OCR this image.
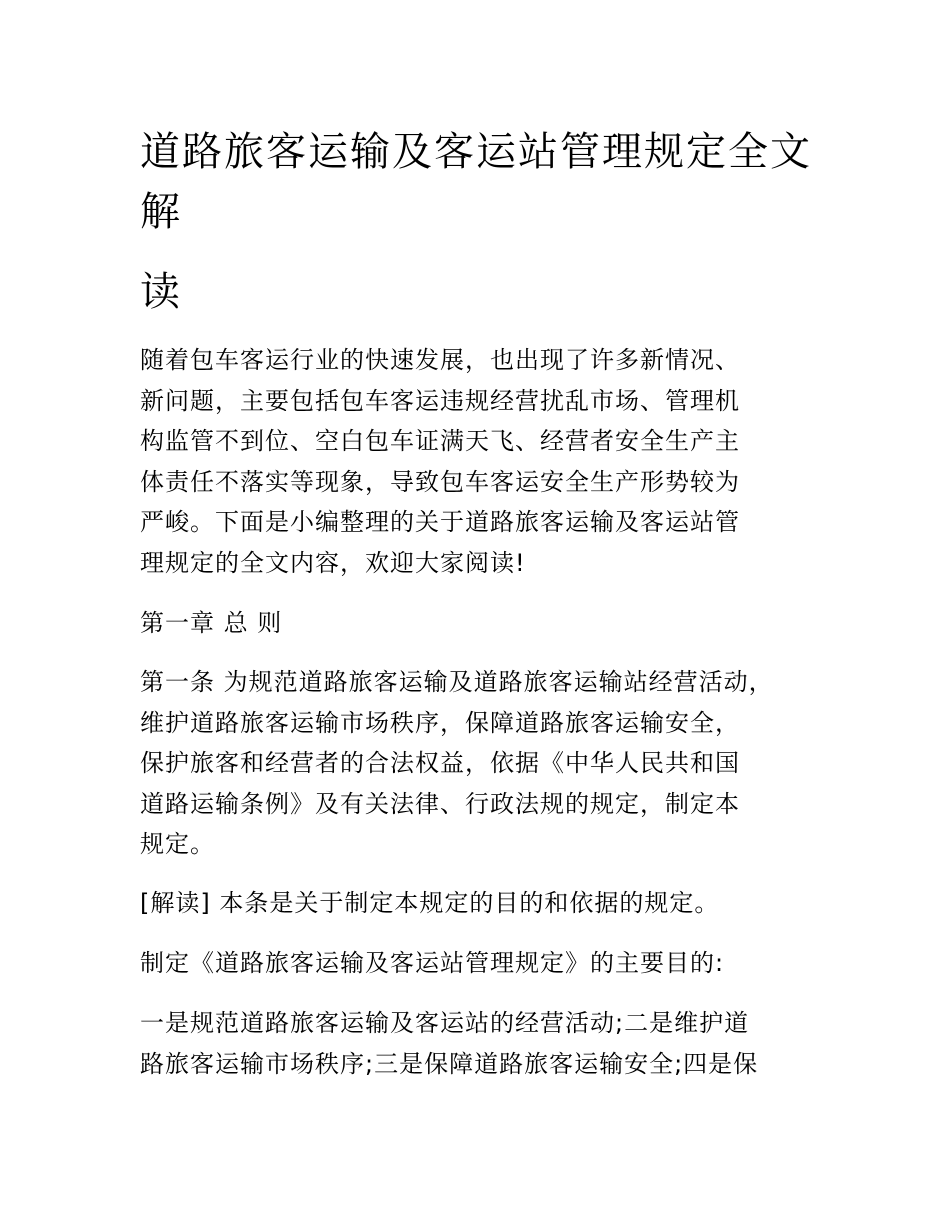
道路旅客运输及客运站管理规定全文
解
读
随着包车客运行业的快速发展，也出现了许多新情况、
新问题，主要包括包车客运违规经营扰乱市场、管理机
构监管不到位、空白包车证满天飞、经营者安全生产主
体责任不落实等现象，导致包车客运安全生产形势较为
严峻。下面是小编整理的关于道路旅客运输及客运站管
理规定的全文内容，欢迎大家阅读!
第一章 总 则
第一条 为规范道路旅客运输及道路旅客运输站经营活动，
维护道路旅客运输市场秩序，保障道路旅客运输安全，
保护旅客和经营者的合法权益，依据《中华人民共和国
道路运输条例》及有关法律、行政法规的规定，制定本
规定。
[解读] 本条是关于制定本规定的目的和依据的规定。
制定《道路旅客运输及客运站管理规定》的主要目的:
一是规范道路旅客运输及客运站的经营活动;二是维护道
路旅客运输市场秩序;三是保障道路旅客运输安全;四是保
